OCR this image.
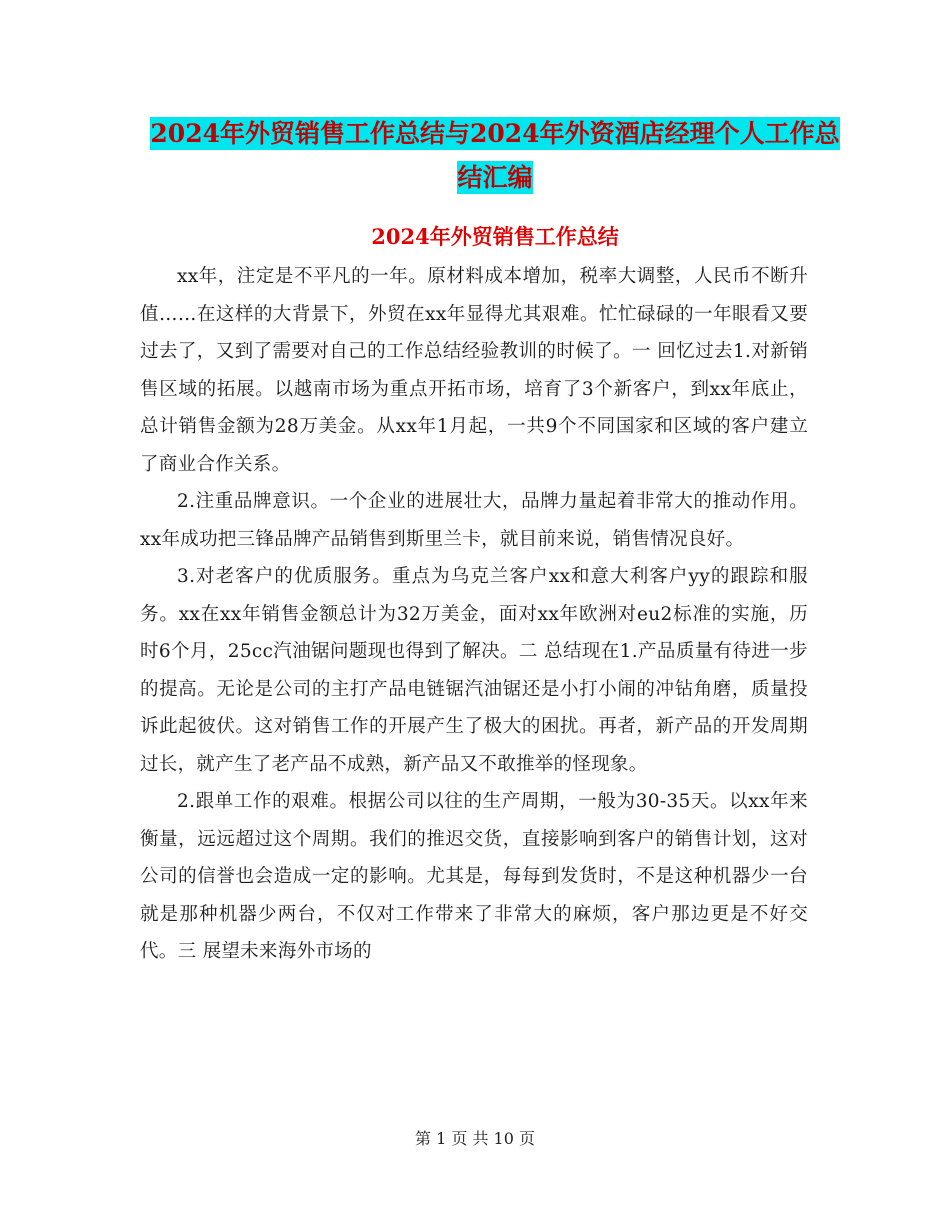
2024年外贸销售工作总结与2024年外资酒店经理个人工作总结汇编
2024年外贸销售工作总结

xx年，注定是不平凡的一年。原材料成本增加，税率大调整，人民币不断升值……在这样的大背景下，外贸在xx年显得尤其艰难。忙忙碌碌的一年眼看又要过去了，又到了需要对自己的工作总结经验教训的时候了。一 回忆过去1.对新销售区域的拓展。以越南市场为重点开拓市场，培育了3个新客户，到xx年底止，总计销售金额为28万美金。从xx年1月起，一共9个不同国家和区域的客户建立了商业合作关系。

2.注重品牌意识。一个企业的进展壮大，品牌力量起着非常大的推动作用。xx年成功把三锋品牌产品销售到斯里兰卡，就目前来说，销售情况良好。

3.对老客户的优质服务。重点为乌克兰客户xx和意大利客户yy的跟踪和服务。xx在xx年销售金额总计为32万美金，面对xx年欧洲对eu2标准的实施，历时6个月，25cc汽油锯问题现也得到了解决。二 总结现在1.产品质量有待进一步的提高。无论是公司的主打产品电链锯汽油锯还是小打小闹的冲钻角磨，质量投诉此起彼伏。这对销售工作的开展产生了极大的困扰。再者，新产品的开发周期过长，就产生了老产品不成熟，新产品又不敢推举的怪现象。

2.跟单工作的艰难。根据公司以往的生产周期，一般为30-35天。以xx年来衡量，远远超过这个周期。我们的推迟交货，直接影响到客户的销售计划，这对公司的信誉也会造成一定的影响。尤其是，每每到发货时，不是这种机器少一台就是那种机器少两台，不仅对工作带来了非常大的麻烦，客户那边更是不好交代。三 展望未来海外市场的

第 1 页 共 10 页
